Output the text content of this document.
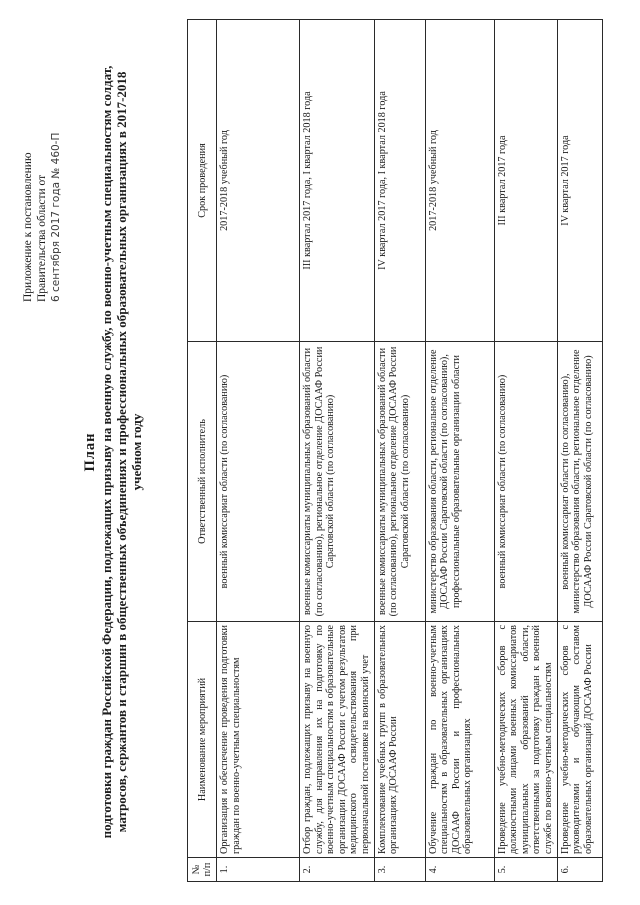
Приложение к постановлению Правительства области от 6 сентября 2017 года № 460-П
План подготовки граждан Российской Федерации, подлежащих призыву на военную службу, по военно-учетным специальностям солдат, матросов, сержантов и старшин в общественных объединениях и профессиональных образовательных организациях в 2017-2018 учебном году
№ п/п	Наименование мероприятий	Ответственный исполнитель	Срок проведения
1.	Организация и обеспечение проведения подготовки граждан по военно-учетным специальностям	военный комиссариат области (по согласованию)	2017-2018 учебный год
2.	Отбор граждан, подлежащих призыву на военную службу, для направления их на подготовку по военно-учетным специальностям в образовательные организации ДОСААФ России с учетом результатов медицинского освидетельствования при первоначальной постановке на воинский учет	военные комиссариаты муниципальных образований области (по согласованию), региональное отделение ДОСААФ России Саратовской области (по согласованию)	III квартал 2017 года, I квартал 2018 года
3.	Комплектование учебных групп в образовательных организациях ДОСААФ России	военные комиссариаты муниципальных образований области (по согласованию), региональное отделение ДОСААФ России Саратовской области (по согласованию)	IV квартал 2017 года, I квартал 2018 года
4.	Обучение граждан по военно-учетным специальностям в образовательных организациях ДОСААФ России и профессиональных образовательных организациях	министерство образования области, региональное отделение ДОСААФ России Саратовской области (по согласованию), профессиональные образовательные организации области	2017-2018 учебный год
5.	Проведение учебно-методических сборов с должностными лицами военных комиссариатов муниципальных образований области, ответственными за подготовку граждан к военной службе по военно-учетным специальностям	военный комиссариат области (по согласованию)	III квартал 2017 года
6.	Проведение учебно-методических сборов с руководителями и обучающим составом образовательных организаций ДОСААФ России	военный комиссариат области (по согласованию), министерство образования области, региональное отделение ДОСААФ России Саратовской области (по согласованию)	IV квартал 2017 года
